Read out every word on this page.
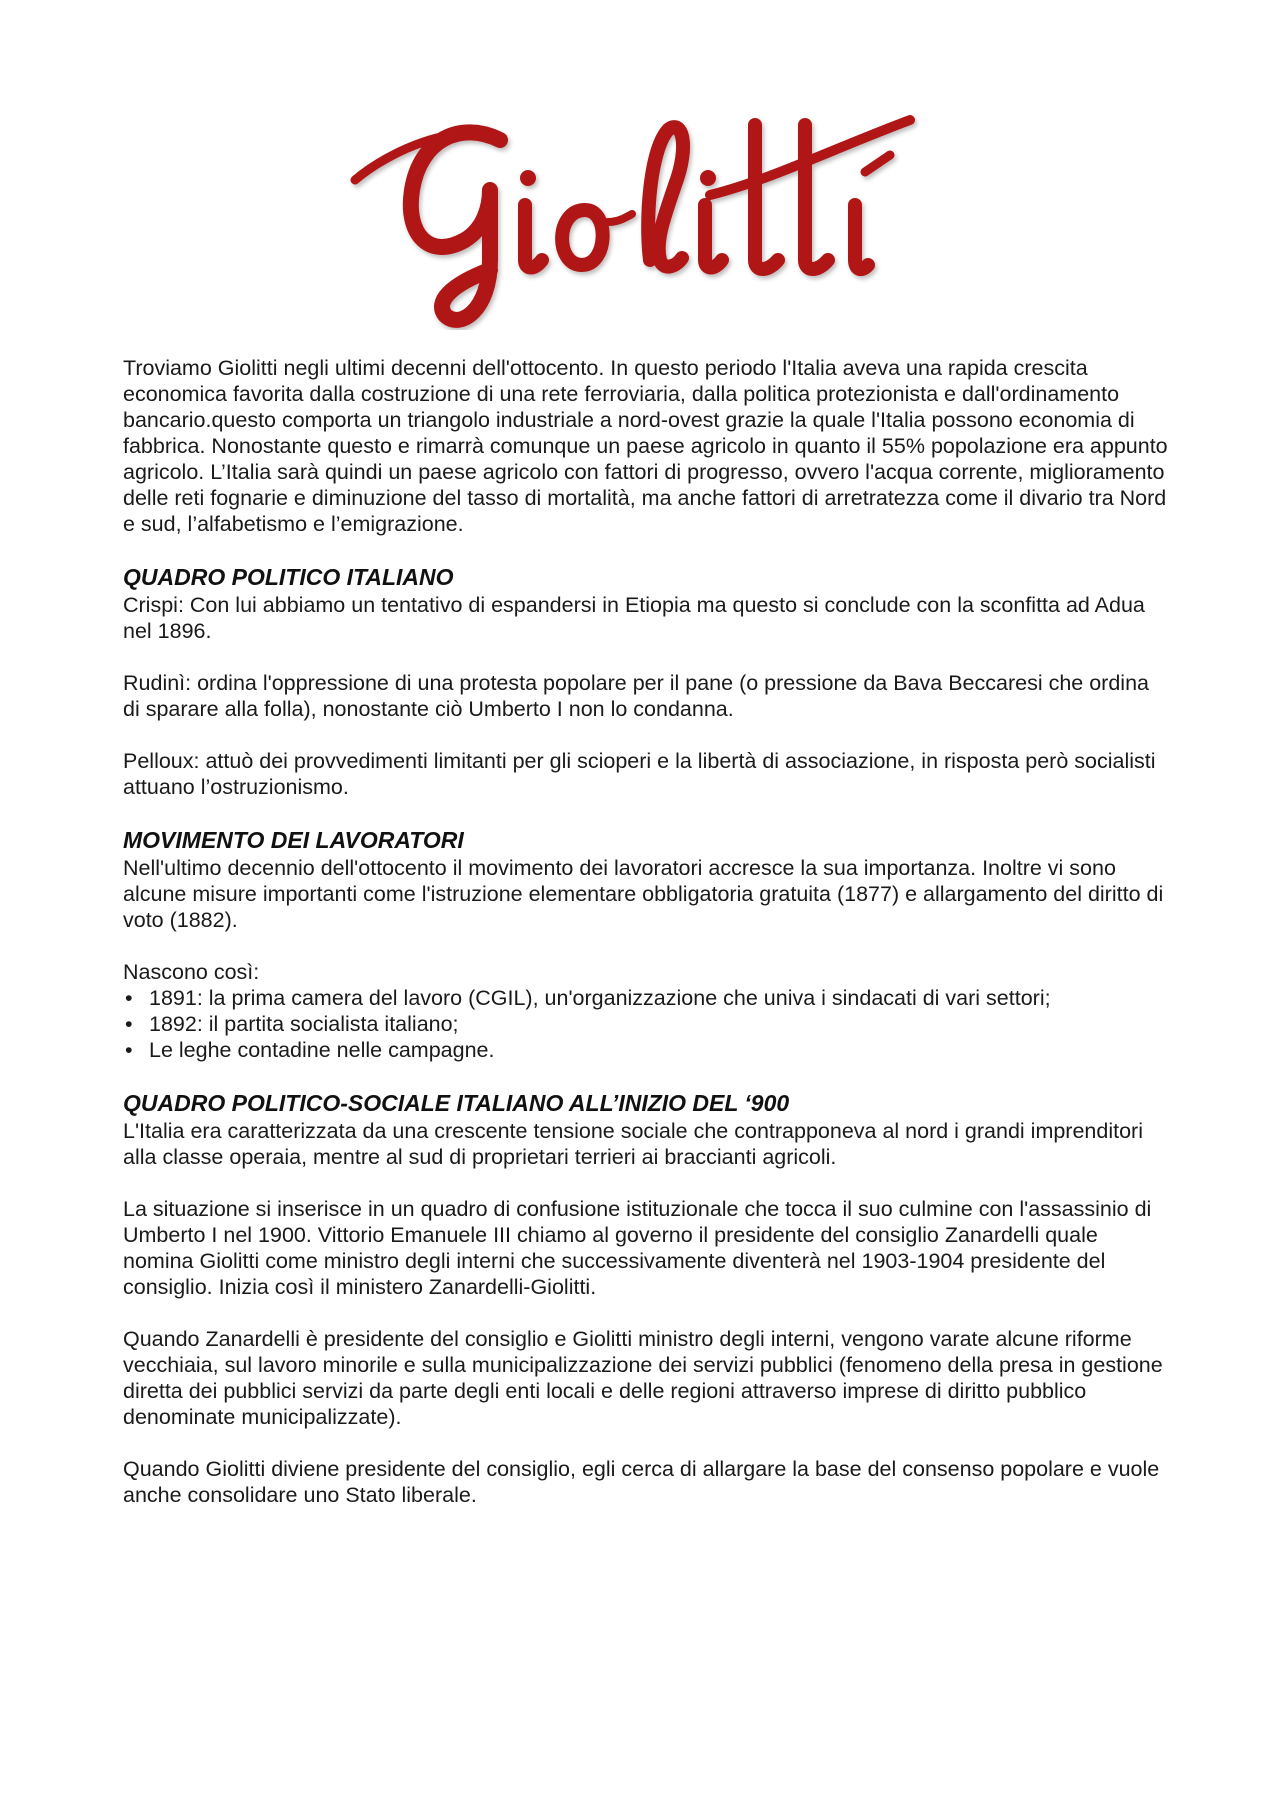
Troviamo Giolitti negli ultimi decenni dell'ottocento. In questo periodo l'Italia aveva una rapida crescita economica favorita dalla costruzione di una rete ferroviaria, dalla politica protezionista e dall'ordinamento bancario.questo comporta un triangolo industriale a nord-ovest grazie la quale l'Italia possono economia di fabbrica. Nonostante questo e rimarrà comunque un paese agricolo in quanto il 55% popolazione era appunto agricolo. L’Italia sarà quindi un paese agricolo con fattori di progresso, ovvero l'acqua corrente, miglioramento delle reti fognarie e diminuzione del tasso di mortalità, ma anche fattori di arretratezza come il divario tra Nord e sud, l’alfabetismo e l’emigrazione.

QUADRO POLITICO ITALIANO

Crispi: Con lui abbiamo un tentativo di espandersi in Etiopia ma questo si conclude con la sconfitta ad Adua nel 1896.

Rudinì: ordina l'oppressione di una protesta popolare per il pane (o pressione da Bava Beccaresi che ordina di sparare alla folla), nonostante ciò Umberto I non lo condanna.

Pelloux: attuò dei provvedimenti limitanti per gli scioperi e la libertà di associazione, in risposta però socialisti attuano l’ostruzionismo.

MOVIMENTO DEI LAVORATORI

Nell'ultimo decennio dell'ottocento il movimento dei lavoratori accresce la sua importanza. Inoltre vi sono alcune misure importanti come l'istruzione elementare obbligatoria gratuita (1877) e allargamento del diritto di voto (1882).

Nascono così:

• 1891: la prima camera del lavoro (CGIL), un'organizzazione che univa i sindacati di vari settori;
• 1892: il partita socialista italiano;
• Le leghe contadine nelle campagne.
QUADRO POLITICO-SOCIALE ITALIANO ALL’INIZIO DEL ‘900

L'Italia era caratterizzata da una crescente tensione sociale che contrapponeva al nord i grandi imprenditori alla classe operaia, mentre al sud di proprietari terrieri ai braccianti agricoli.

La situazione si inserisce in un quadro di confusione istituzionale che tocca il suo culmine con l'assassinio di Umberto I nel 1900. Vittorio Emanuele III chiamo al governo il presidente del consiglio Zanardelli quale nomina Giolitti come ministro degli interni che successivamente diventerà nel 1903-1904 presidente del consiglio. Inizia così il ministero Zanardelli-Giolitti.

Quando Zanardelli è presidente del consiglio e Giolitti ministro degli interni, vengono varate alcune riforme vecchiaia, sul lavoro minorile e sulla municipalizzazione dei servizi pubblici (fenomeno della presa in gestione diretta dei pubblici servizi da parte degli enti locali e delle regioni attraverso imprese di diritto pubblico denominate municipalizzate).

Quando Giolitti diviene presidente del consiglio, egli cerca di allargare la base del consenso popolare e vuole anche consolidare uno Stato liberale.
